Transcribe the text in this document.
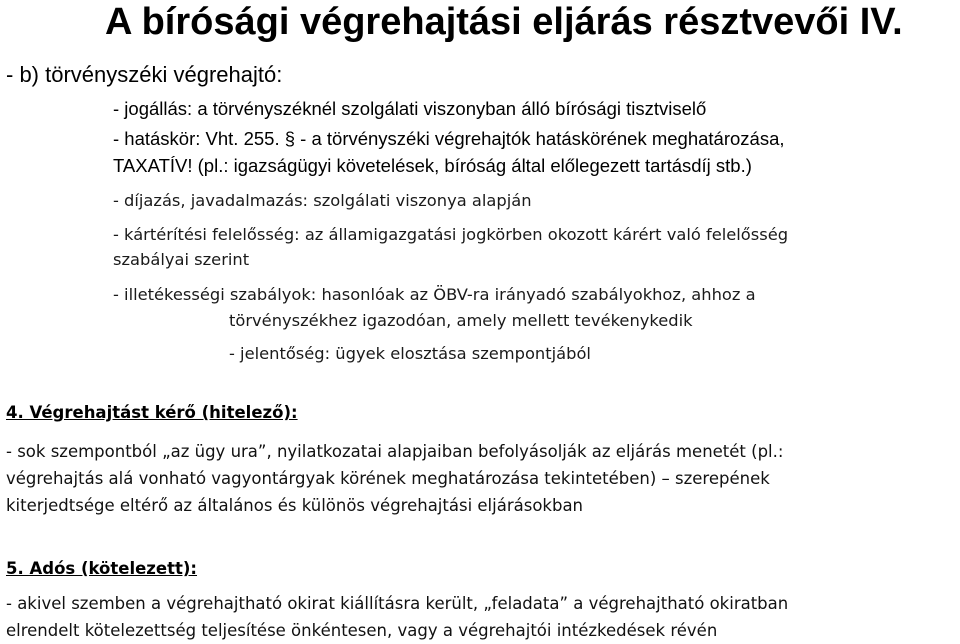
A bírósági végrehajtási eljárás résztvevői IV.
- b) törvényszéki végrehajtó:
- jogállás: a törvényszéknél szolgálati viszonyban álló bírósági tisztviselő
- hatáskör: Vht. 255. § - a törvényszéki végrehajtók hatáskörének meghatározása,
TAXATÍV! (pl.: igazságügyi követelések, bíróság által előlegezett tartásdíj stb.)
- díjazás, javadalmazás: szolgálati viszonya alapján
- kártérítési felelősség: az államigazgatási jogkörben okozott kárért való felelősség
szabályai szerint
- illetékességi szabályok: hasonlóak az ÖBV-ra irányadó szabályokhoz, ahhoz a
törvényszékhez igazodóan, amely mellett tevékenykedik
- jelentőség: ügyek elosztása szempontjából
4. Végrehajtást kérő (hitelező):
- sok szempontból „az ügy ura”, nyilatkozatai alapjaiban befolyásolják az eljárás menetét (pl.:
végrehajtás alá vonható vagyontárgyak körének meghatározása tekintetében) – szerepének
kiterjedtsége eltérő az általános és különös végrehajtási eljárásokban
5. Adós (kötelezett):
- akivel szemben a végrehajtható okirat kiállításra került, „feladata” a végrehajtható okiratban
elrendelt kötelezettség teljesítése önkéntesen, vagy a végrehajtói intézkedések révén
